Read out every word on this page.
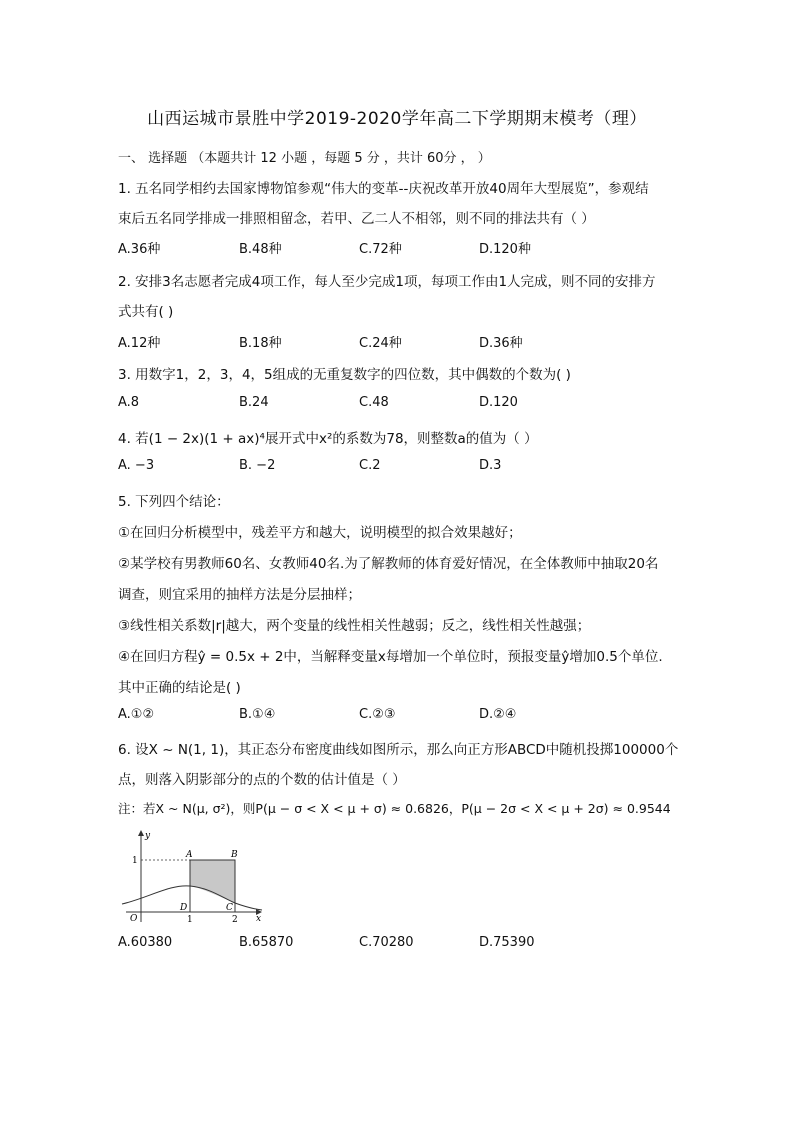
山西运城市景胜中学2019-2020学年高二下学期期末模考（理）
一、 选择题 （本题共计 12 小题 ，每题 5 分 ，共计 60分 ， ）
1. 五名同学相约去国家博物馆参观“伟大的变革--庆祝改革开放40周年大型展览”，参观结
束后五名同学排成一排照相留念，若甲、乙二人不相邻，则不同的排法共有（ ）
A.36种	B.48种	C.72种	D.120种
2. 安排3名志愿者完成4项工作，每人至少完成1项，每项工作由1人完成，则不同的安排方
式共有( )
A.12种	B.18种	C.24种	D.36种
3. 用数字1，2，3，4，5组成的无重复数字的四位数，其中偶数的个数为( )
A.8	B.24	C.48	D.120
4. 若(1 − 2x)(1 + ax)⁴展开式中x²的系数为78，则整数a的值为（ ）
A. −3	B. −2	C.2	D.3
5. 下列四个结论：
①在回归分析模型中，残差平方和越大，说明模型的拟合效果越好；
②某学校有男教师60名、女教师40名.为了解教师的体育爱好情况，在全体教师中抽取20名
调查，则宜采用的抽样方法是分层抽样；
③线性相关系数|r|越大，两个变量的线性相关性越弱；反之，线性相关性越强；
④在回归方程ŷ = 0.5x + 2中，当解释变量x每增加一个单位时，预报变量ŷ增加0.5个单位.
其中正确的结论是( )
A.①②	B.①④	C.②③	D.②④
6. 设X ~ N(1, 1)，其正态分布密度曲线如图所示，那么向正方形ABCD中随机投掷100000个
点，则落入阴影部分的点的个数的估计值是（ ）
注：若X ~ N(μ, σ²)，则P(μ − σ < X < μ + σ) ≈ 0.6826，P(μ − 2σ < X < μ + 2σ) ≈ 0.9544
y
x
O
1
1	2
A	B
C
D
A.60380	B.65870	C.70280	D.75390
